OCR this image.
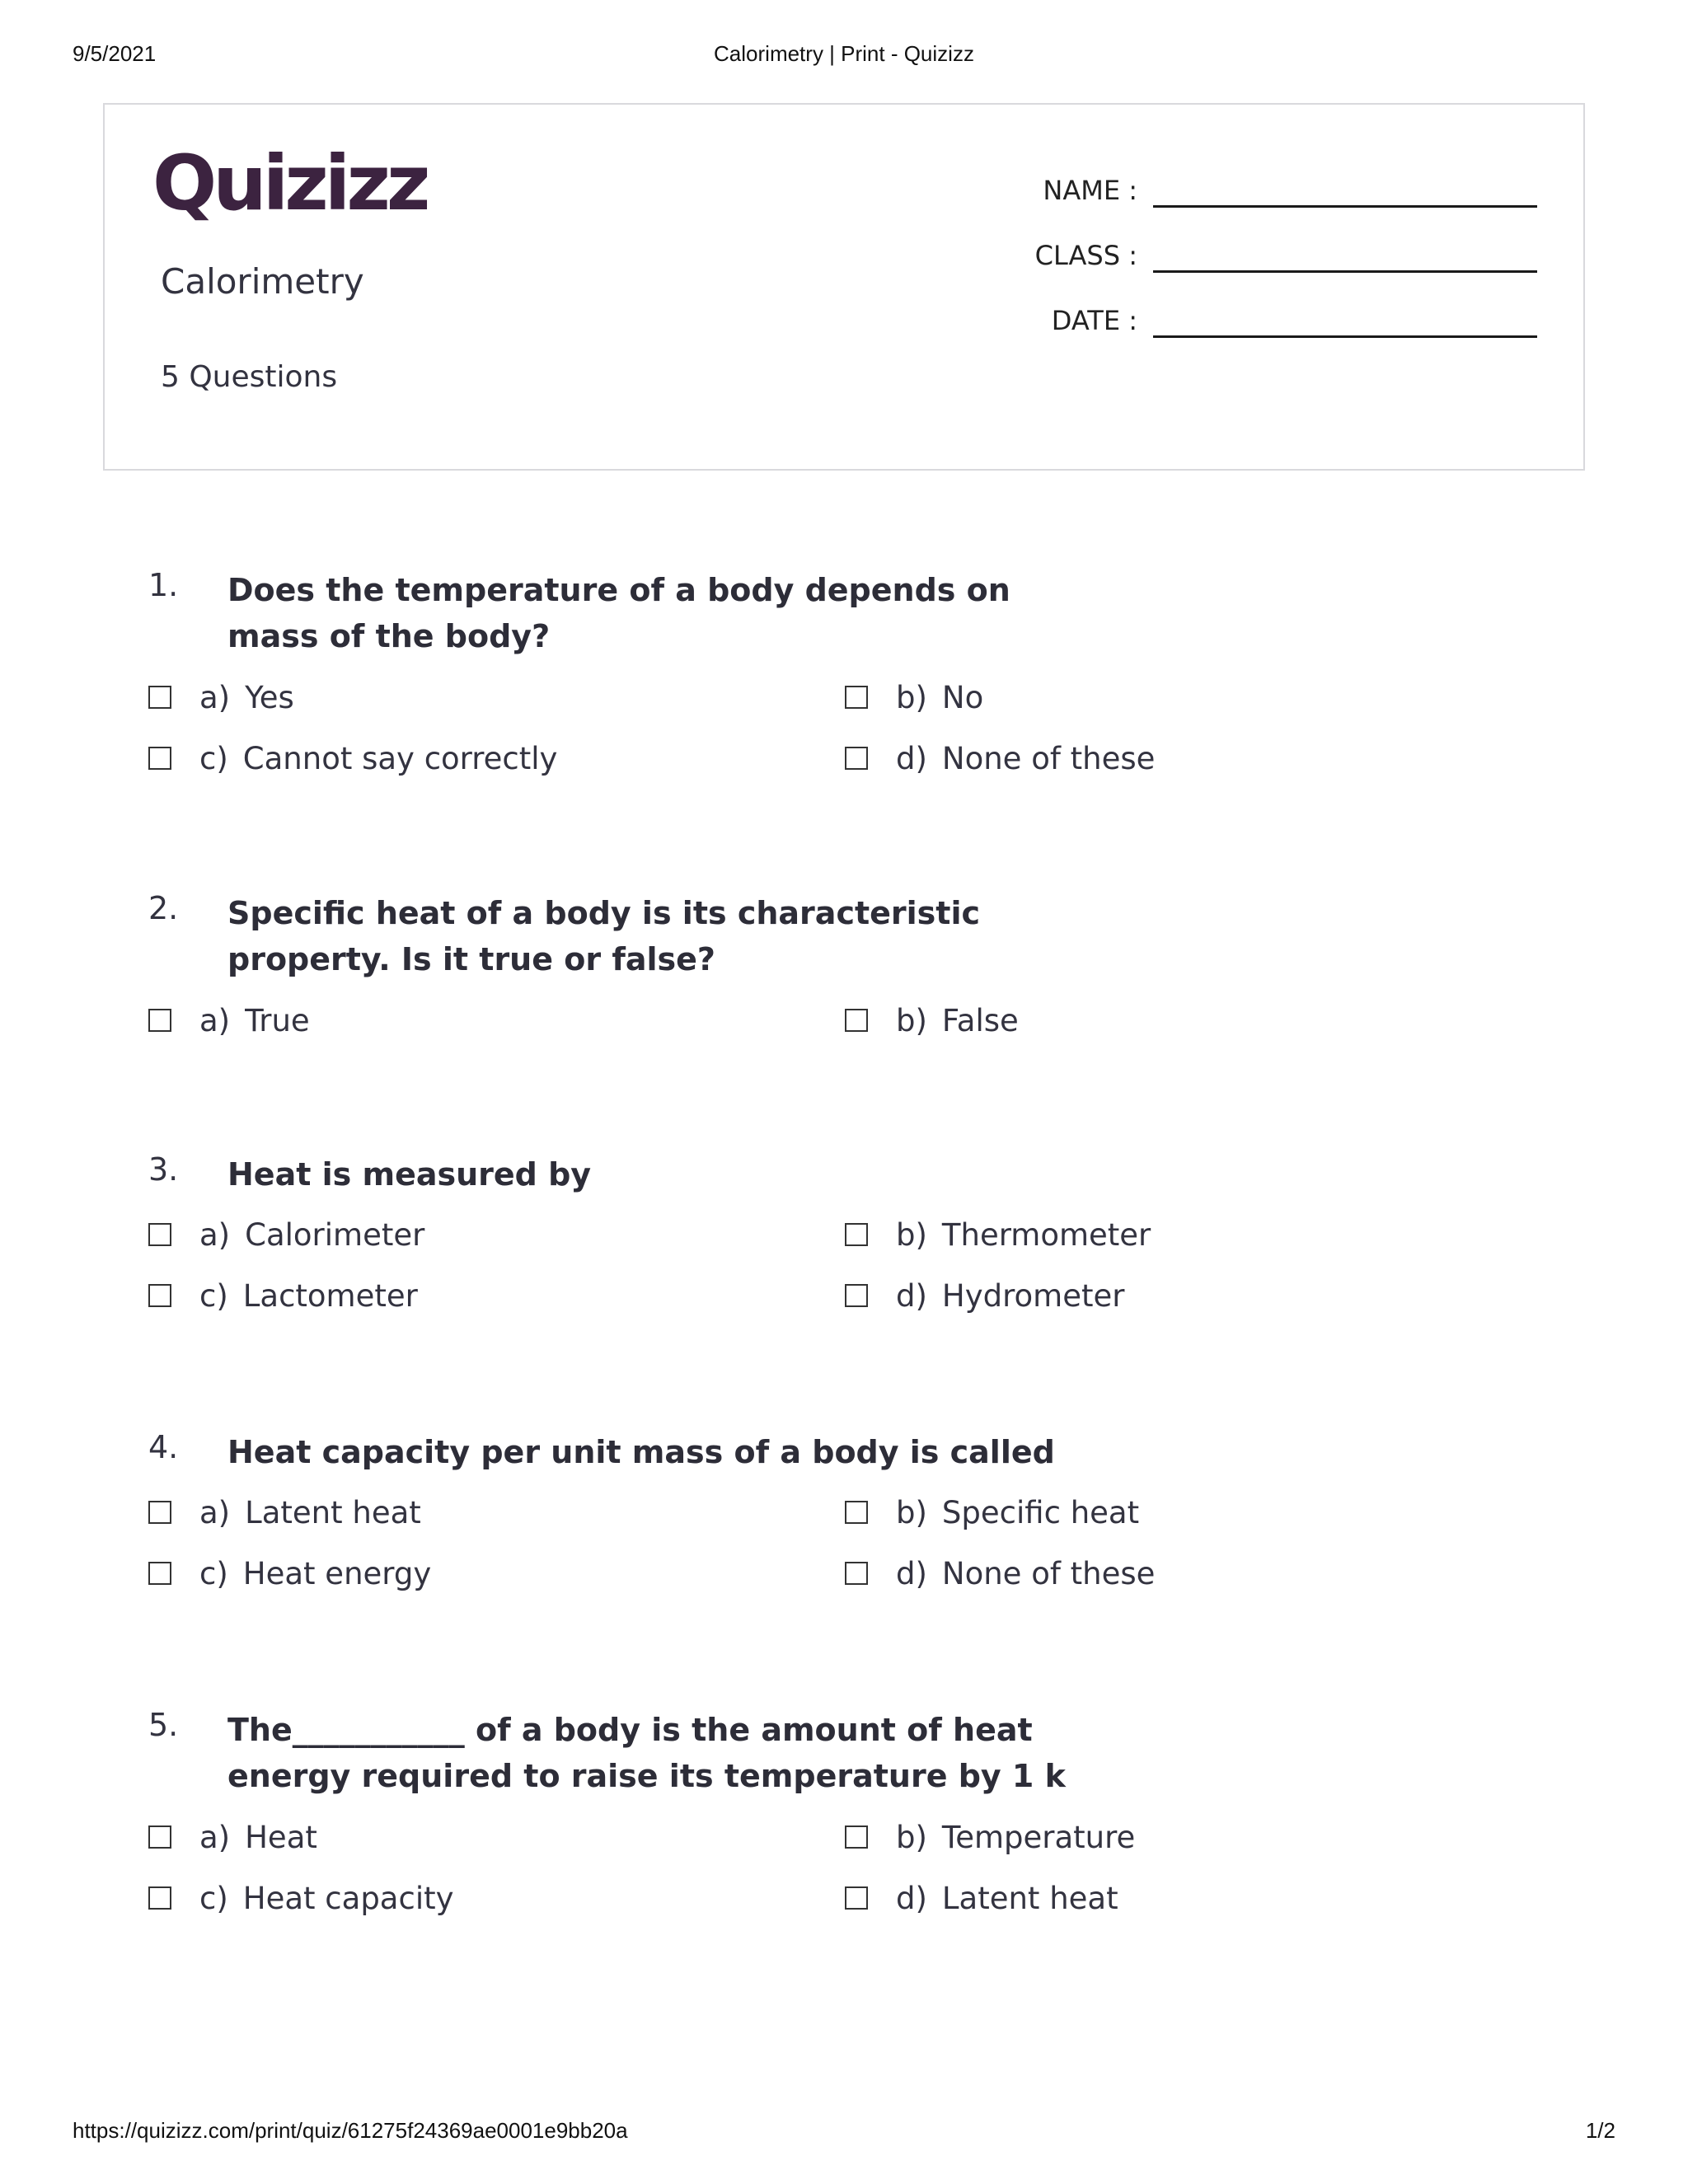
9/5/2021	Calorimetry | Print - Quizizz
Quizizz
Calorimetry
5 Questions
NAME :
CLASS :
DATE :
1. Does the temperature of a body depends on mass of the body?
a) Yes	b) No
c) Cannot say correctly	d) None of these
2. Specific heat of a body is its characteristic property. Is it true or false?
a) True	b) False
3. Heat is measured by
a) Calorimeter	b) Thermometer
c) Lactometer	d) Hydrometer
4. Heat capacity per unit mass of a body is called
a) Latent heat	b) Specific heat
c) Heat energy	d) None of these
5. The___________ of a body is the amount of heat energy required to raise its temperature by 1 k
a) Heat	b) Temperature
c) Heat capacity	d) Latent heat
https://quizizz.com/print/quiz/61275f24369ae0001e9bb20a	1/2
